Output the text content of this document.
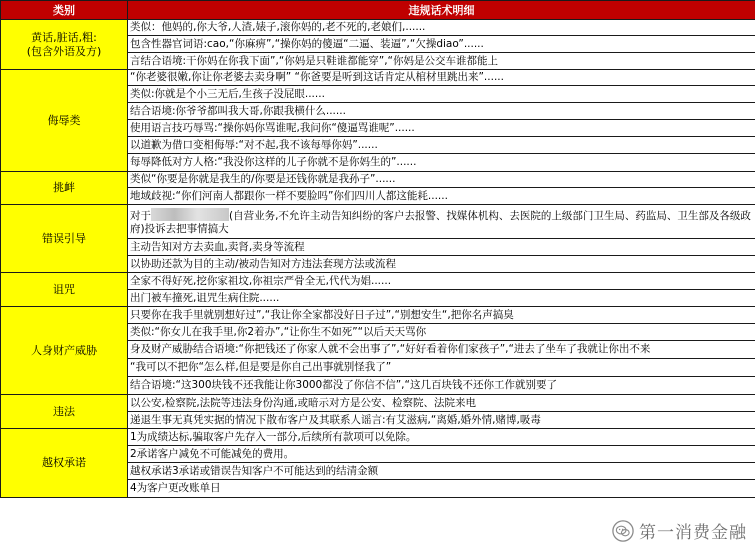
类别	违规话术明细

黄话,脏话,粗:
(包含外语及方)	类似：他妈的,你大爷,人渣,婊子,滚你妈的,老不死的,老娘们,......
	包含性器官词语:cao,“你麻痹”,“操你妈的傻逼“二逼、装逼”,“欠操diao”......
	言结合语境:干你妈在你我下面”,“你妈是只鞋谁都能穿”,“你妈是公交车谁都能上

侮辱类	“你老婆很嫩,你让你老婆去卖身啊” “你爸要是听到这话肯定从棺材里跳出来”......
	类似:你就是个小三无后,生孩子没屁眼......
	结合语境:你爷爷都叫我大哥,你跟我横什么......
	使用语言技巧辱骂:“操你妈你骂谁呢,我问你“傻逼骂谁呢”......
	以道歉为借口变相侮辱:“对不起,我不该每辱你妈”......
	每辱降低对方人格:“我没你这样的儿子你就不是你妈生的”......

挑衅	类似“你要是你就是我生的/你要是还钱你就是我孙子”......
	地域歧视:“你们河南人都跟你一样不要脸吗”你们四川人都这能耗......

错误引导	对于 (自营业务,不允许主动告知纠纷的客户去报警、找媒体机构、去医院的上级部门卫生局、药监局、卫生部及各级政府)投诉去把事情搞大
	主动告知对方去卖血,卖肾,卖身等流程
	以协助还款为目的主动/被动告知对方违法套现方法或流程

诅咒	全家不得好死,挖你家祖坟,你祖宗严骨全无,代代为娼......
	出门被车撞死,诅咒生病住院......

人身财产威胁	只要你在我手里就别想好过”,“我让你全家都没好日子过”,“别想安生“,把你名声搞臭
	类似:“你女儿在我手里,你2着办”,“让你生不如死”“以后天天骂你
	身及财产威胁结合语境:“你把钱还了你家人就不会出事了”,“好好看着你们家孩子”,“进去了坐车了我就让你出不来
	“我可以不把你“怎么样,但是要是你自己出事就别怪我了”
	结合语境:“这300块钱不还我能让你3000都没了你信不信”,“这几百块钱不还你工作就别要了

违法	以公安,检察院,法院等违法身份沟通,或暗示对方是公安、检察院、法院来电
	递退生事无真凭实据的情况下散布客户及其联系人谣言:有艾滋病,“离婚,婚外情,赌博,吸毒

越权承诺	1为成绩达标,骗取客户先存入一部分,后续所有款项可以免除。
	2承诺客户减免不可能减免的费用。
	越权承诺3承诺或错误告知客户不可能达到的结清金额
	4为客户更改账单日
第一消费金融
